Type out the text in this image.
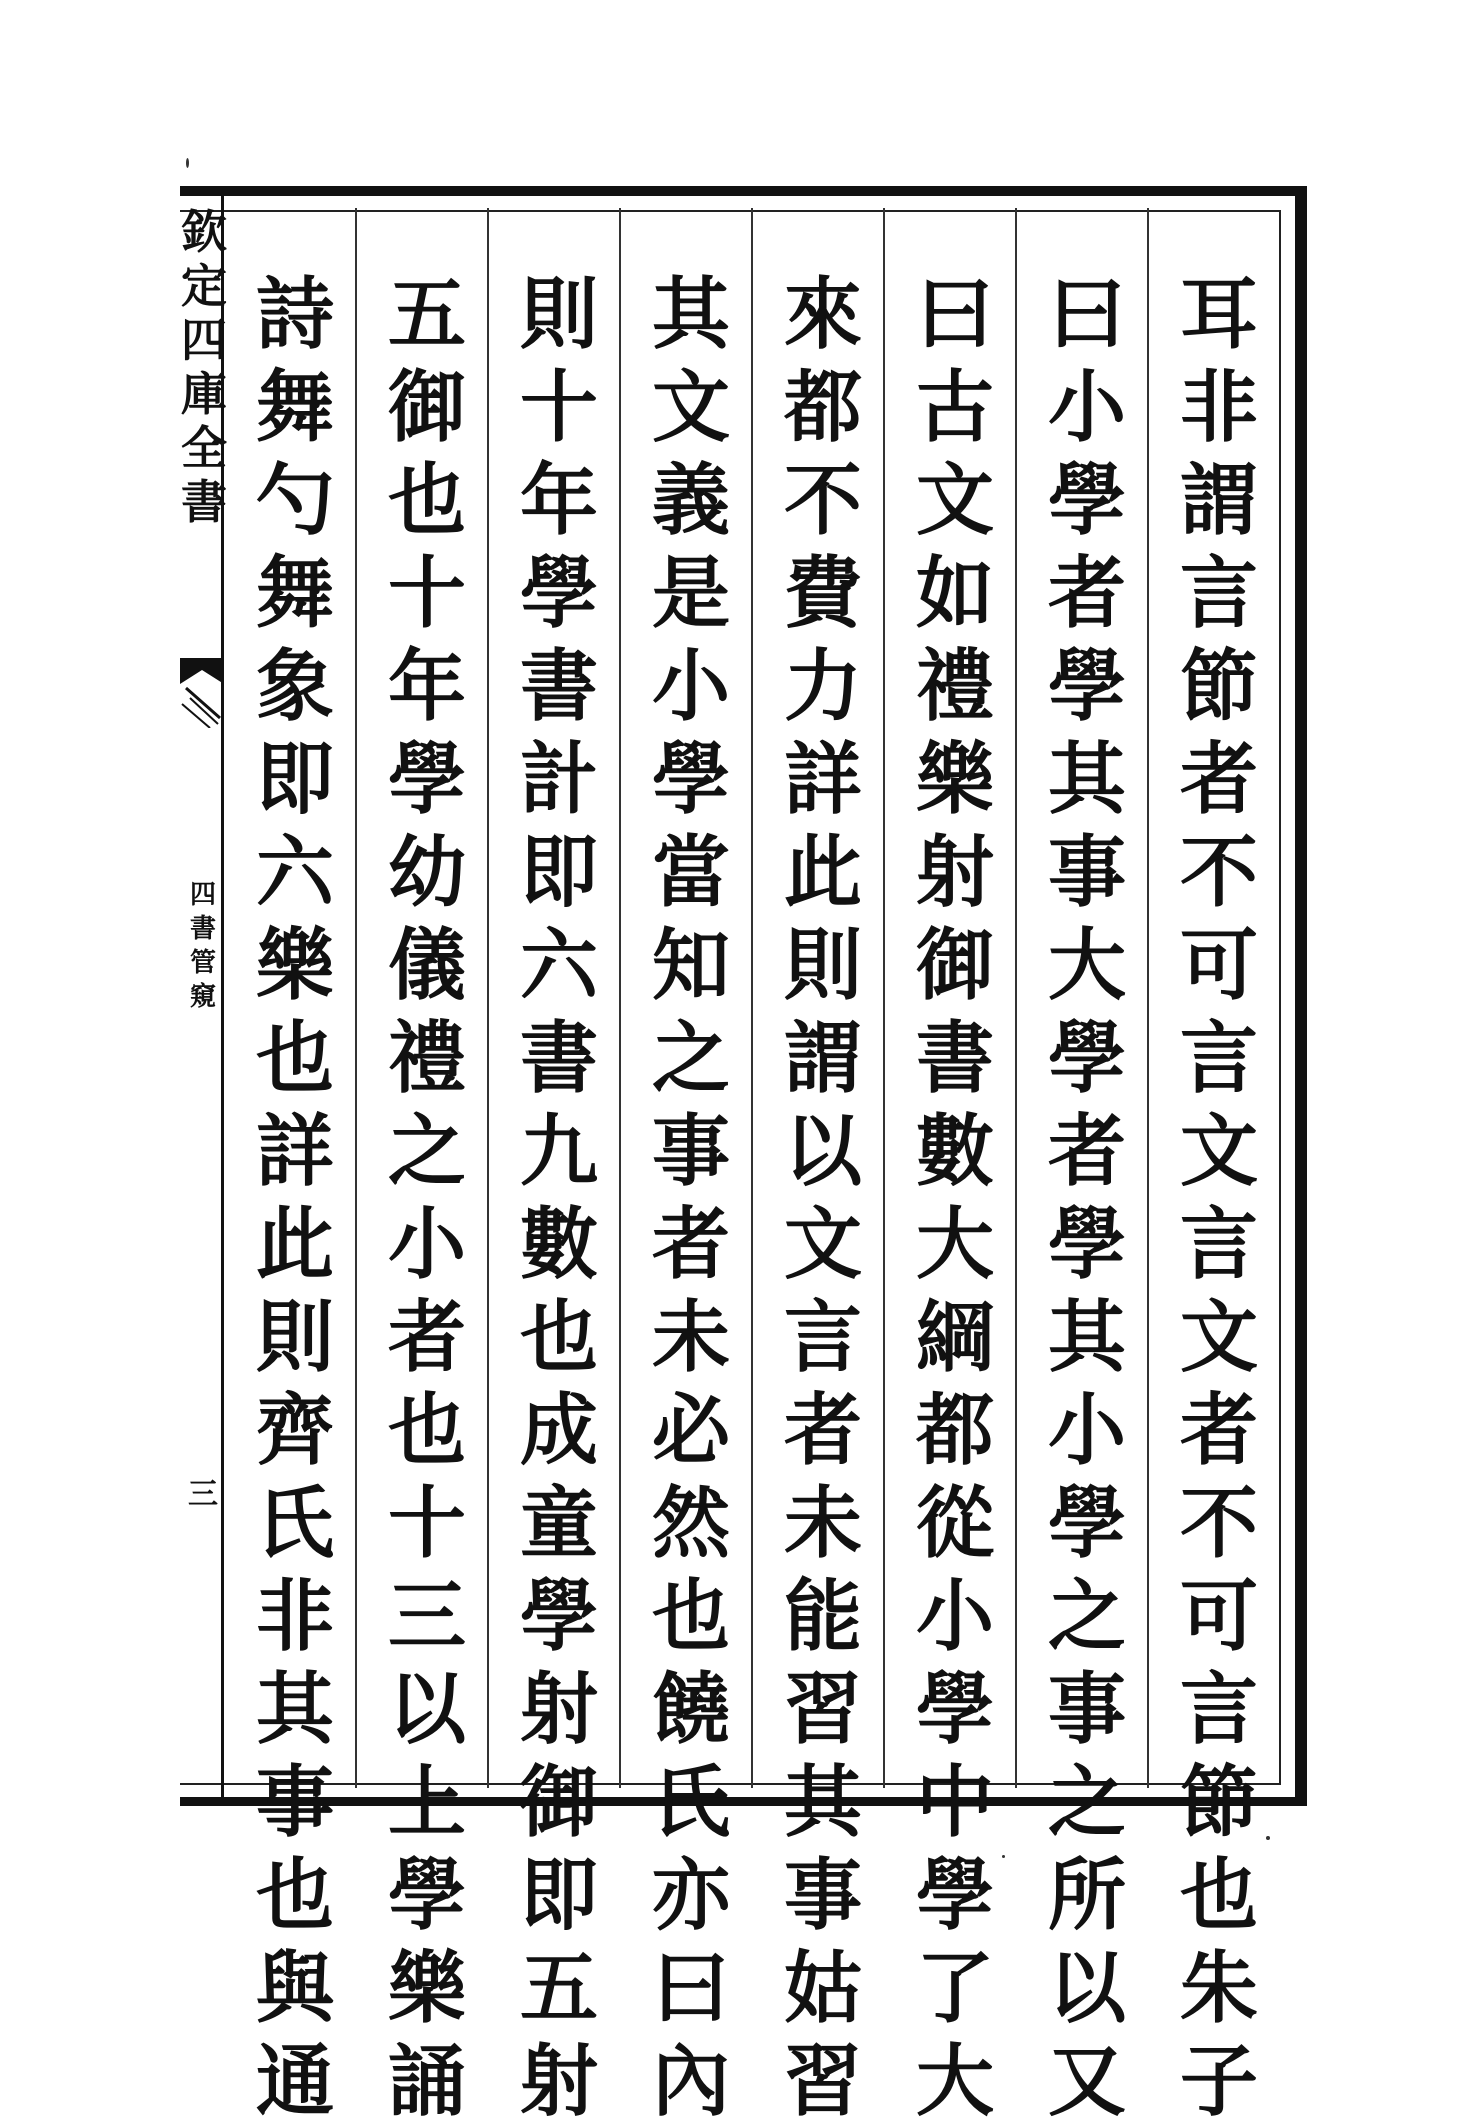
欽定四庫全書
四書管窺
三
耳非謂言節者不可言文言文者不可言節也朱子
曰小學者學其事大學者學其小學之事之所以又
曰古文如禮樂射御書數大綱都從小學中學了大
來都不費力詳此則謂以文言者未能習其事姑習
其文義是小學當知之事者未必然也饒氏亦曰內
則十年學書計即六書九數也成童學射御即五射
五御也十年學幼儀禮之小者也十三以上學樂誦
詩舞勺舞象即六樂也詳此則齊氏非其事也與通
